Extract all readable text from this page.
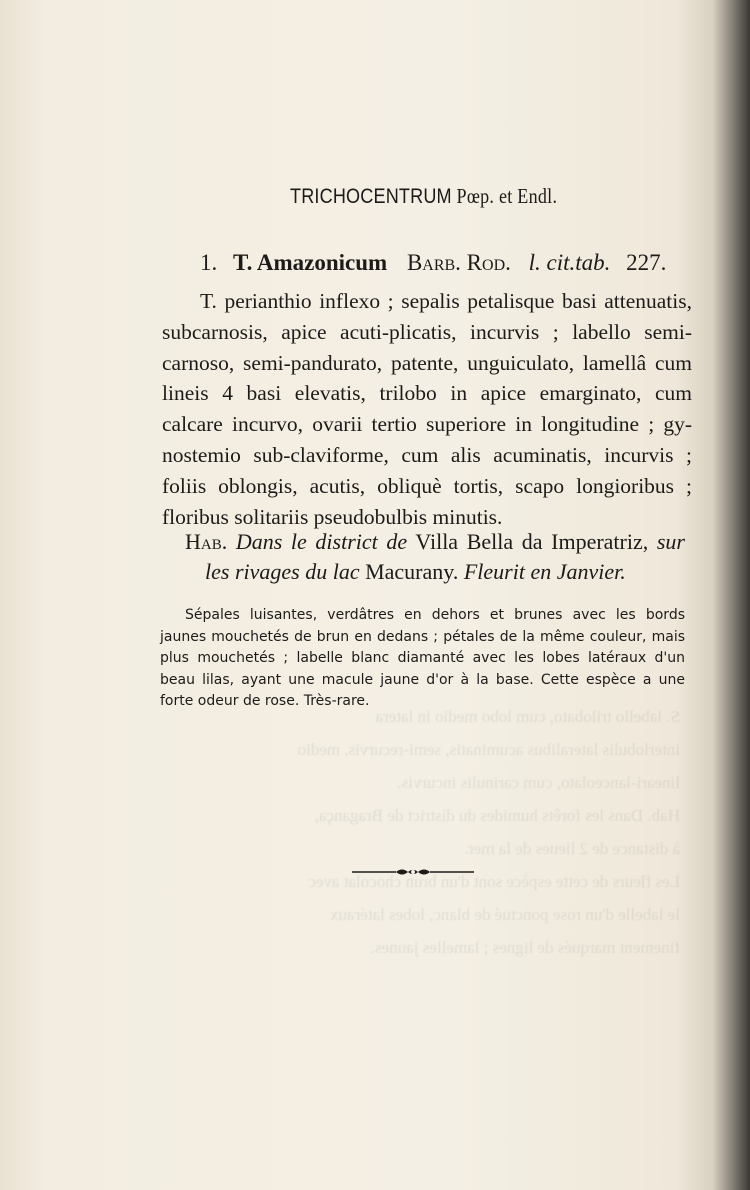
S. labello trilobato, cum lobo medio in latera
interlobulis lateralibus acuminatis, semi-recurvis, medio
lineari-lanceolato, cum carinulis incurvis.
Hab. Dans les forêts humides du district de Bragança,
à distance de 2 lieues de la mer.
Les fleurs de cette espèce sont d'un brun chocolat avec
le labelle d'un rose ponctué de blanc, lobes latéraux
finement marqués de lignes ; lamelles jaunes.
TRICHOCENTRUM Pœp. et Endl.
1. T. Amazonicum Barb. Rod. l. cit.tab. 227.
T. perianthio inflexo ; sepalis petalisque basi attenuatis,
subcarnosis, apice acuti-plicatis, incurvis ; labello semi-
carnoso, semi-pandurato, patente, unguiculato, lamellâ cum
lineis 4 basi elevatis, trilobo in apice emarginato, cum
calcare incurvo, ovarii tertio superiore in longitudine ; gy-
nostemio sub-claviforme, cum alis acuminatis, incurvis ;
foliis oblongis, acutis, obliquè tortis, scapo longioribus ;
floribus solitariis pseudobulbis minutis.
Hab. Dans le district de Villa Bella da Imperatriz, sur
les rivages du lac Macurany. Fleurit en Janvier.
Sépales luisantes, verdâtres en dehors et brunes avec les bords
jaunes mouchetés de brun en dedans ; pétales de la même couleur, mais
plus mouchetés ; labelle blanc diamanté avec les lobes latéraux d'un
beau lilas, ayant une macule jaune d'or à la base. Cette espèce a une
forte odeur de rose. Très-rare.
